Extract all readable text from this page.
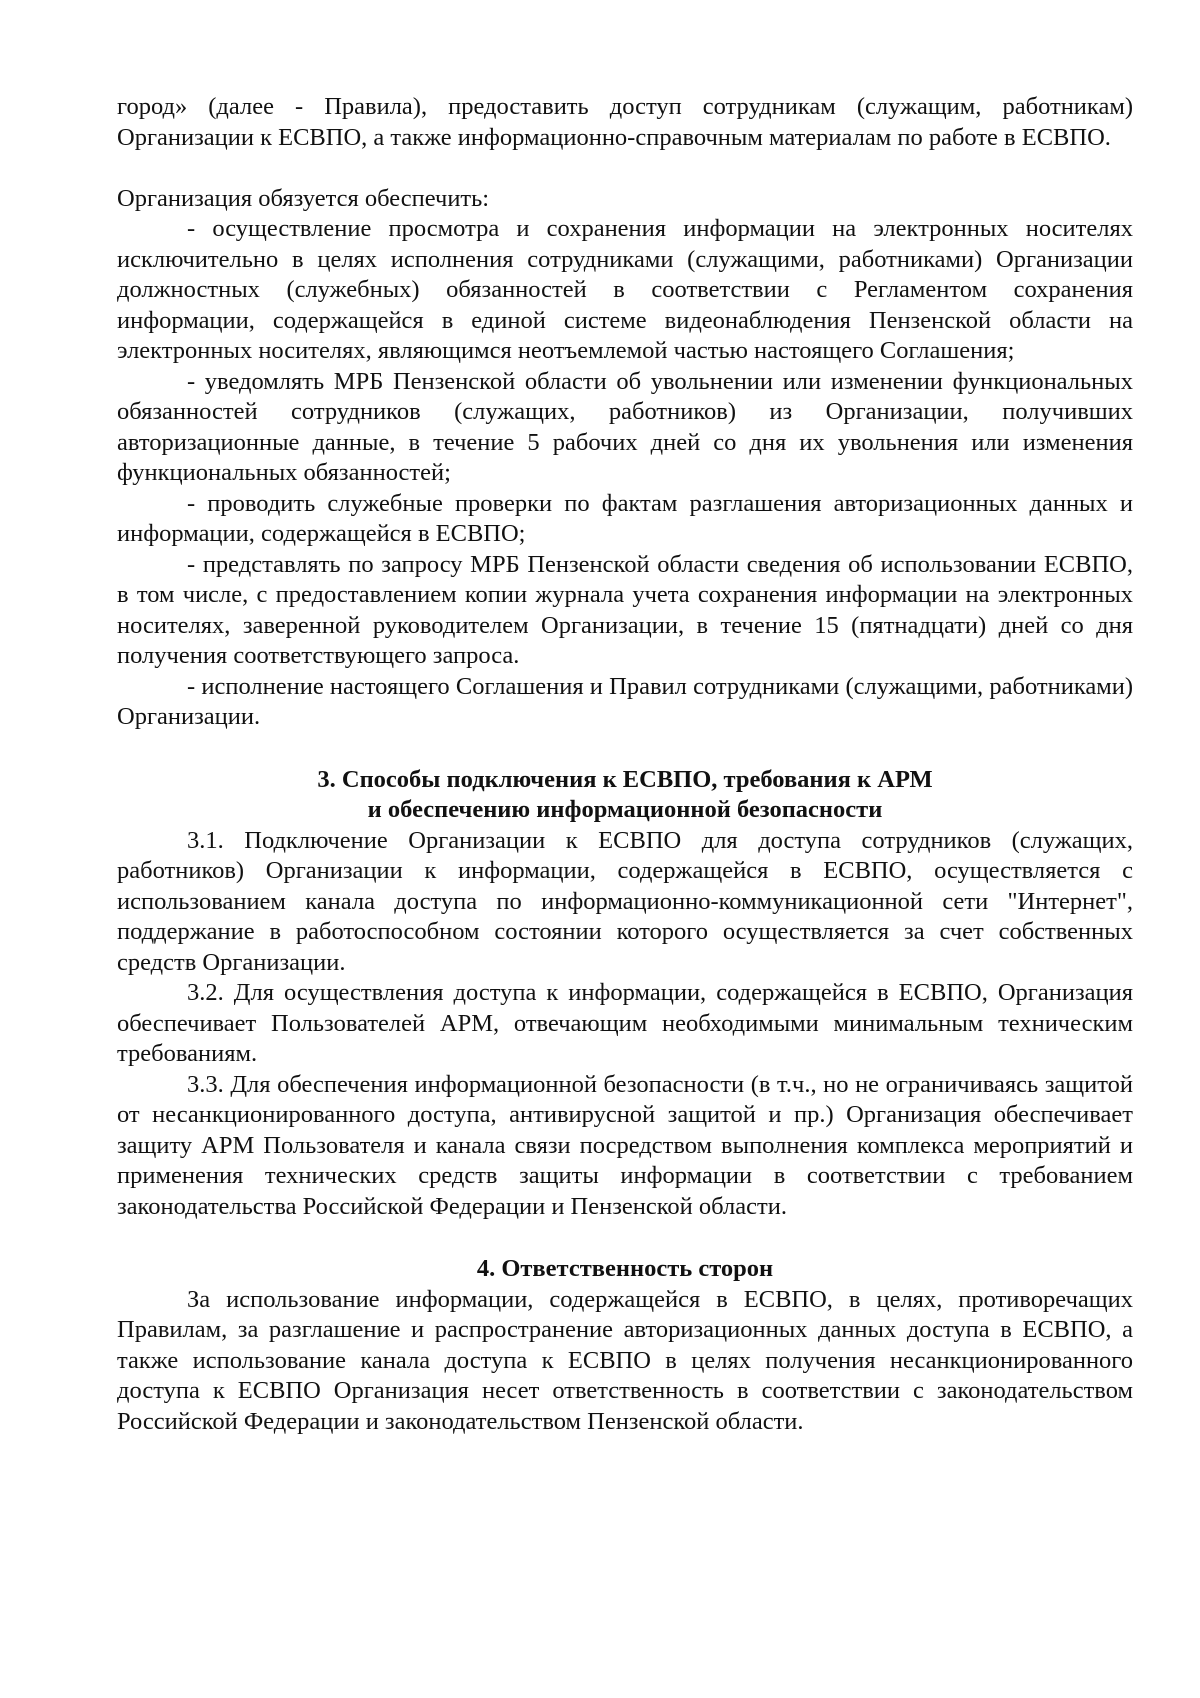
город» (далее - Правила), предоставить доступ сотрудникам (служащим, работникам) Организации к ЕСВПО, а также информационно-справочным материалам по работе в ЕСВПО.

Организация обязуется обеспечить:

- осуществление просмотра и сохранения информации на электронных носителях исключительно в целях исполнения сотрудниками (служащими, работниками) Организации должностных (служебных) обязанностей в соответствии с Регламентом сохранения информации, содержащейся в единой системе видеонаблюдения Пензенской области на электронных носителях, являющимся неотъемлемой частью настоящего Соглашения;

- уведомлять МРБ Пензенской области об увольнении или изменении функциональных обязанностей сотрудников (служащих, работников) из Организации, получивших авторизационные данные, в течение 5 рабочих дней со дня их увольнения или изменения функциональных обязанностей;

- проводить служебные проверки по фактам разглашения авторизационных данных и информации, содержащейся в ЕСВПО;

- представлять по запросу МРБ Пензенской области сведения об использовании ЕСВПО, в том числе, с предоставлением копии журнала учета сохранения информации на электронных носителях, заверенной руководителем Организации, в течение 15 (пятнадцати) дней со дня получения соответствующего запроса.

- исполнение настоящего Соглашения и Правил сотрудниками (служащими, работниками) Организации.

3. Способы подключения к ЕСВПО, требования к АРМ
и обеспечению информационной безопасности

3.1. Подключение Организации к ЕСВПО для доступа сотрудников (служащих, работников) Организации к информации, содержащейся в ЕСВПО, осуществляется с использованием канала доступа по информационно-коммуникационной сети "Интернет", поддержание в работоспособном состоянии которого осуществляется за счет собственных средств Организации.

3.2. Для осуществления доступа к информации, содержащейся в ЕСВПО, Организация обеспечивает Пользователей АРМ, отвечающим необходимыми минимальным техническим требованиям.

3.3. Для обеспечения информационной безопасности (в т.ч., но не ограничиваясь защитой от несанкционированного доступа, антивирусной защитой и пр.) Организация обеспечивает защиту АРМ Пользователя и канала связи посредством выполнения комплекса мероприятий и применения технических средств защиты информации в соответствии с требованием законодательства Российской Федерации и Пензенской области.

4. Ответственность сторон

За использование информации, содержащейся в ЕСВПО, в целях, противоречащих Правилам, за разглашение и распространение авторизационных данных доступа в ЕСВПО, а также использование канала доступа к ЕСВПО в целях получения несанкционированного доступа к ЕСВПО Организация несет ответственность в соответствии с законодательством Российской Федерации и законодательством Пензенской области.
